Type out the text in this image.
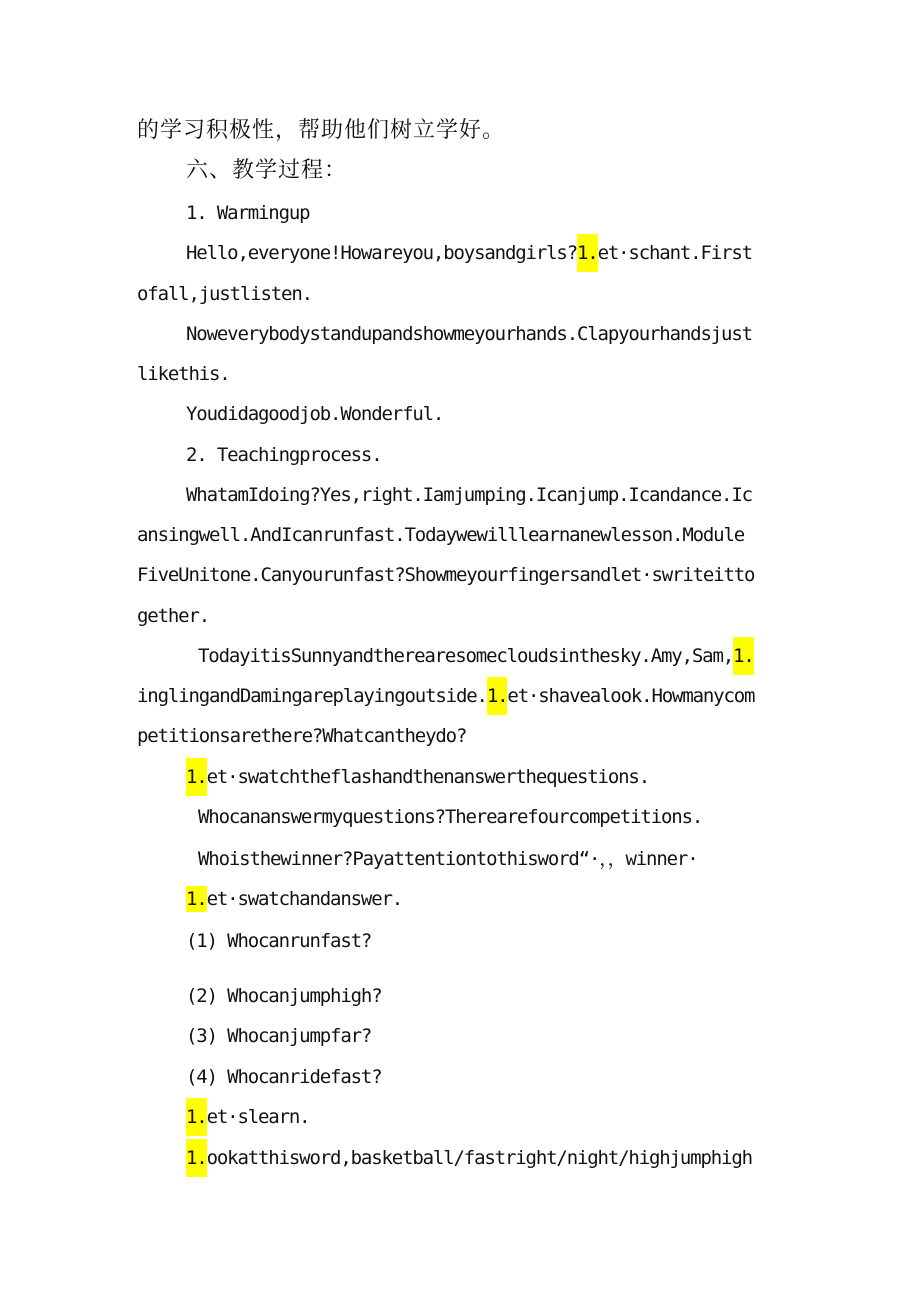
的学习积极性，帮助他们树立学好。
六、教学过程：
1. Warmingup
Hello,everyone!Howareyou,boysandgirls?1.et·schant.First
ofall,justlisten.
Noweverybodystandupandshowmeyourhands.Clapyourhandsjust
likethis.
Youdidagoodjob.Wonderful.
2. Teachingprocess.
WhatamIdoing?Yes,right.Iamjumping.Icanjump.Icandance.Ic
ansingwell.AndIcanrunfast.Todaywewilllearnanewlesson.Module
FiveUnitone.Canyourunfast?Showmeyourfingersandlet·swriteitto
gether.
TodayitisSunnyandtherearesomecloudsinthesky.Amy,Sam,1.
inglingandDamingareplayingoutside.1.et·shavealook.Howmanycom
petitionsarethere?Whatcantheydo?
1.et·swatchtheflashandthenanswerthequestions.
Whocananswermyquestions?Therearefourcompetitions.
Whoisthewinner?Payattentiontothisword“·，，winner·
1.et·swatchandanswer.
(1) Whocanrunfast?
(2) Whocanjumphigh?
(3) Whocanjumpfar?
(4) Whocanridefast?
1.et·slearn.
1.ookatthisword,basketball/fastright/night/highjumphigh
